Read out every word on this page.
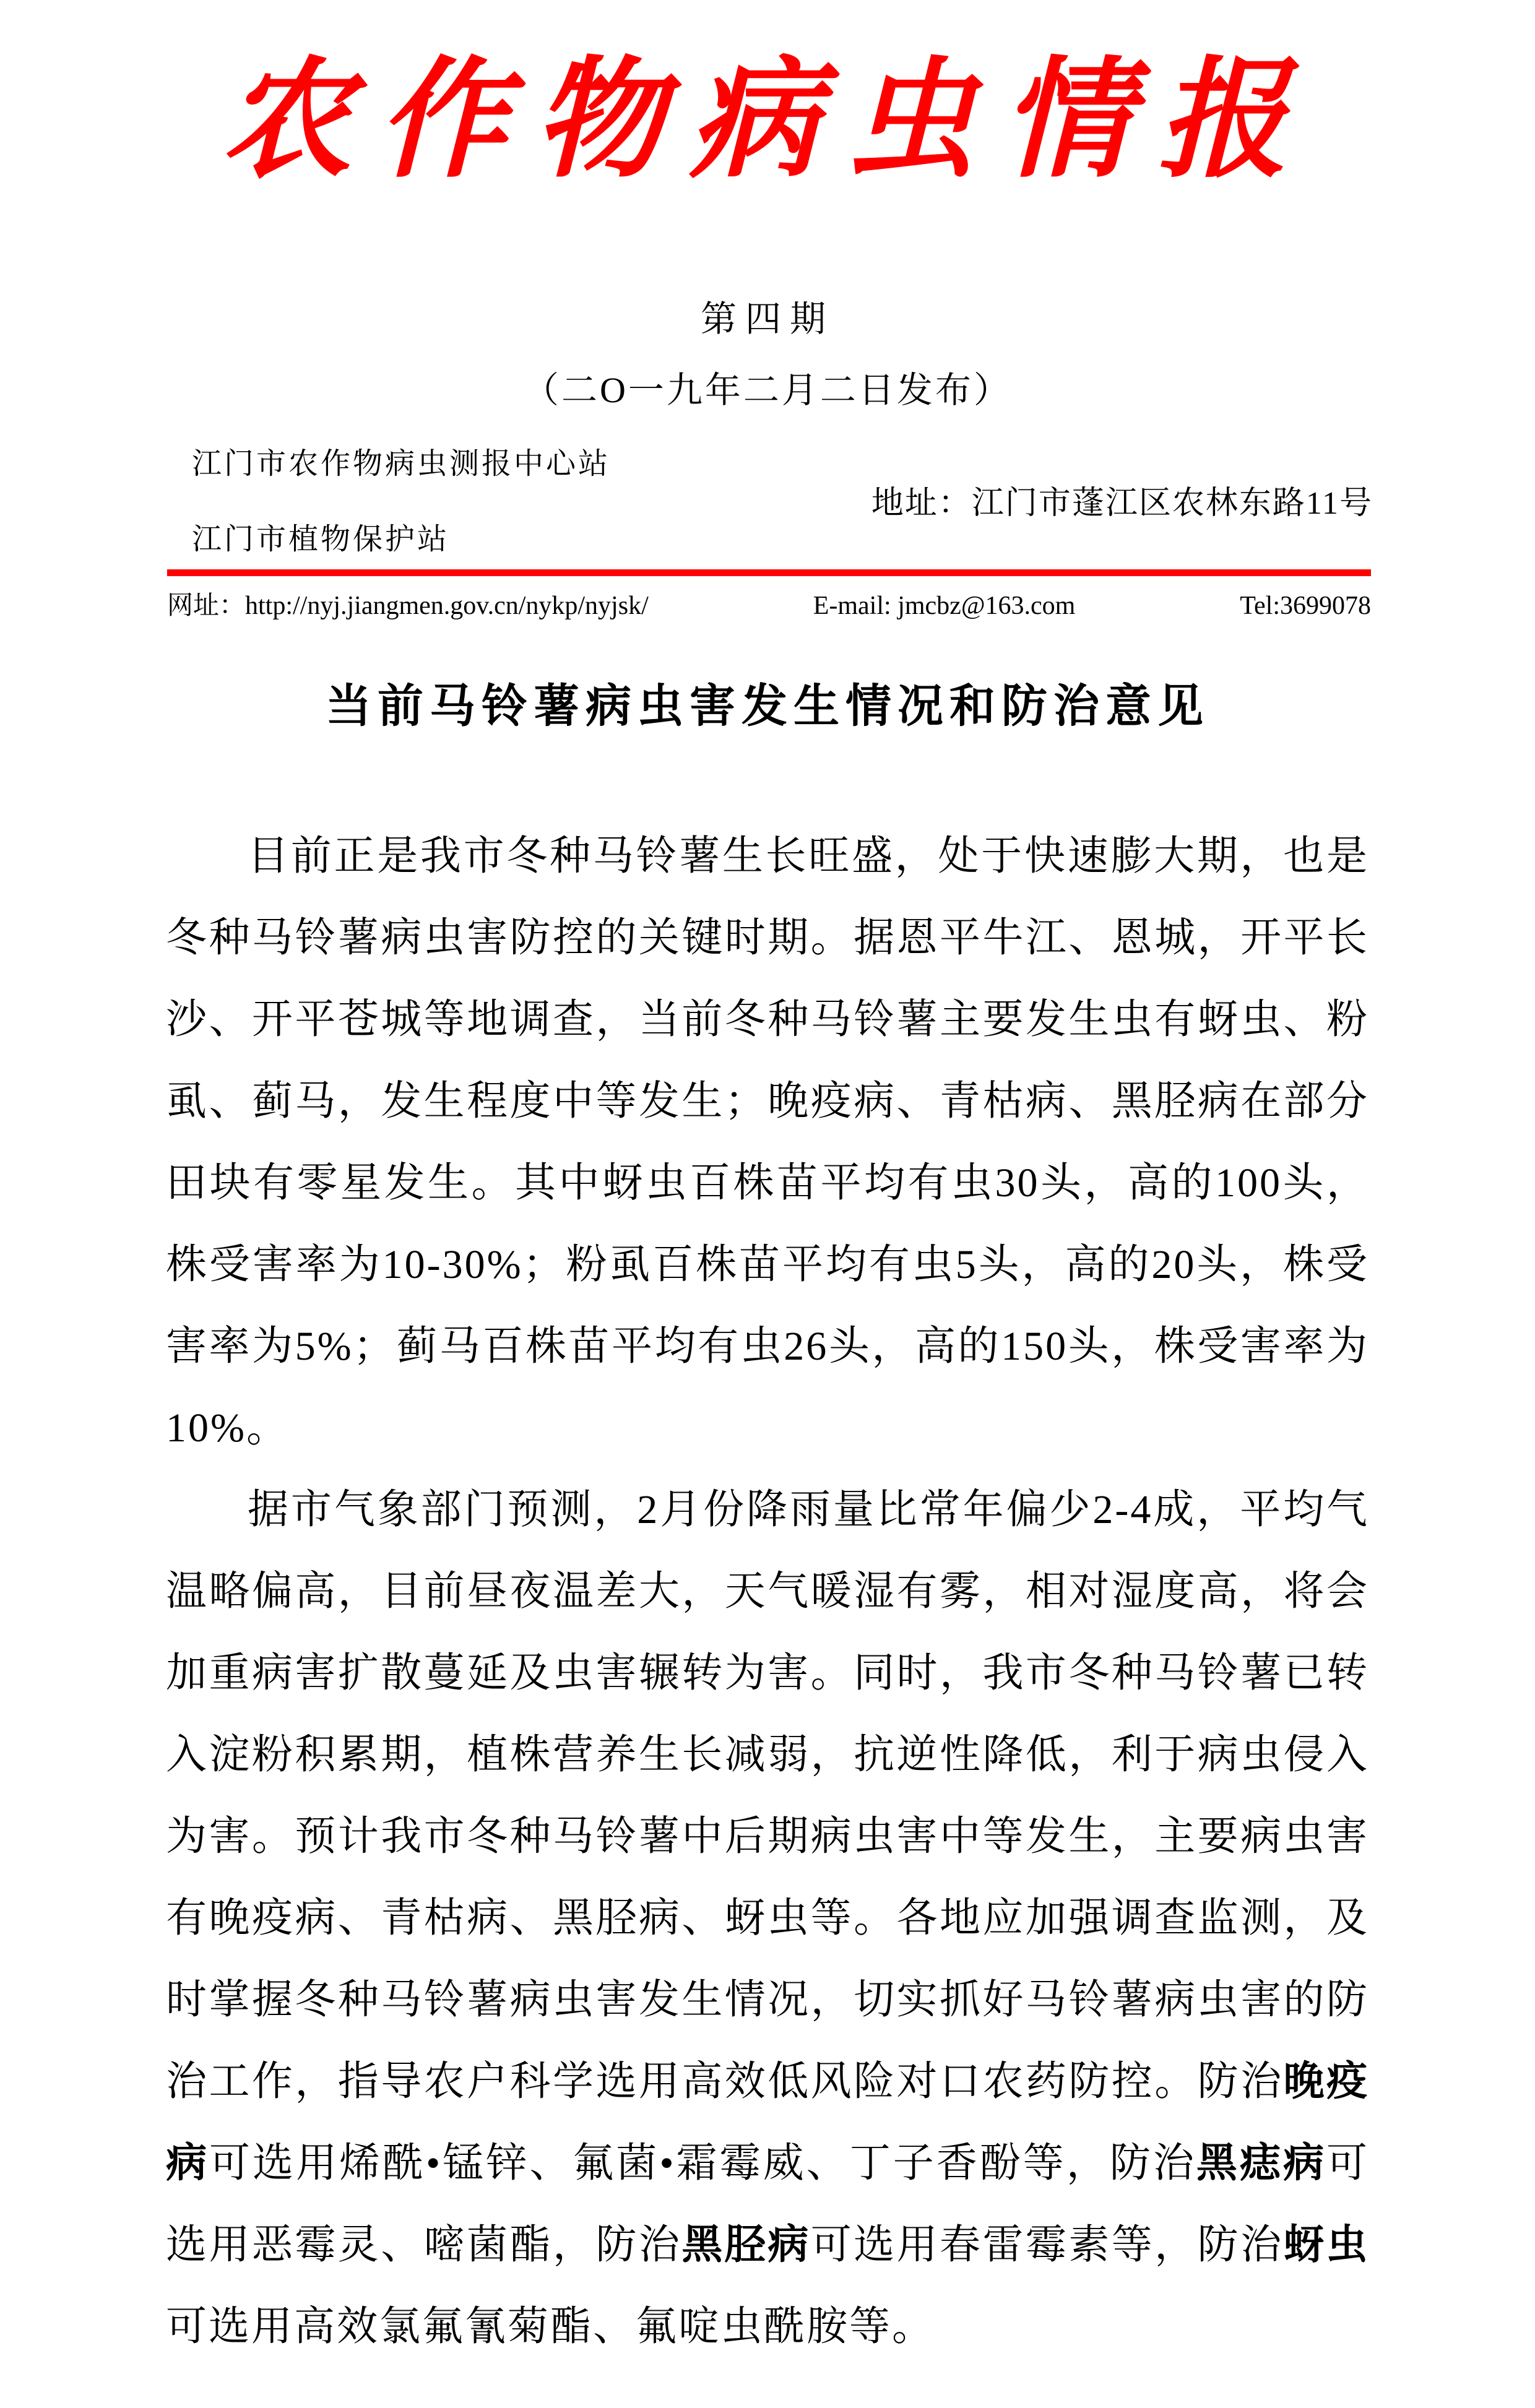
农作物病虫情报
第四期
（二О一九年二月二日发布）
江门市农作物病虫测报中心站
地址：江门市蓬江区农林东路11号
江门市植物保护站
网址：http://nyj.jiangmen.gov.cn/nykp/nyjsk/	E-mail: jmcbz@163.com	Tel:3699078
当前马铃薯病虫害发生情况和防治意见

目前正是我市冬种马铃薯生长旺盛，处于快速膨大期，也是冬种马铃薯病虫害防控的关键时期。据恩平牛江、恩城，开平长沙、开平苍城等地调查，当前冬种马铃薯主要发生虫有蚜虫、粉虱、蓟马，发生程度中等发生；晚疫病、青枯病、黑胫病在部分田块有零星发生。其中蚜虫百株苗平均有虫30头，高的100头，株受害率为10-30%；粉虱百株苗平均有虫5头，高的20头，株受害率为5%；蓟马百株苗平均有虫26头，高的150头，株受害率为10%。

据市气象部门预测，2月份降雨量比常年偏少2-4成，平均气温略偏高，目前昼夜温差大，天气暖湿有雾，相对湿度高，将会加重病害扩散蔓延及虫害辗转为害。同时，我市冬种马铃薯已转入淀粉积累期，植株营养生长减弱，抗逆性降低，利于病虫侵入为害。预计我市冬种马铃薯中后期病虫害中等发生，主要病虫害有晚疫病、青枯病、黑胫病、蚜虫等。各地应加强调查监测，及时掌握冬种马铃薯病虫害发生情况，切实抓好马铃薯病虫害的防治工作，指导农户科学选用高效低风险对口农药防控。防治晚疫病可选用烯酰•锰锌、氟菌•霜霉威、丁子香酚等，防治黑痣病可选用恶霉灵、嘧菌酯，防治黑胫病可选用春雷霉素等，防治蚜虫可选用高效氯氟氰菊酯、氟啶虫酰胺等。
